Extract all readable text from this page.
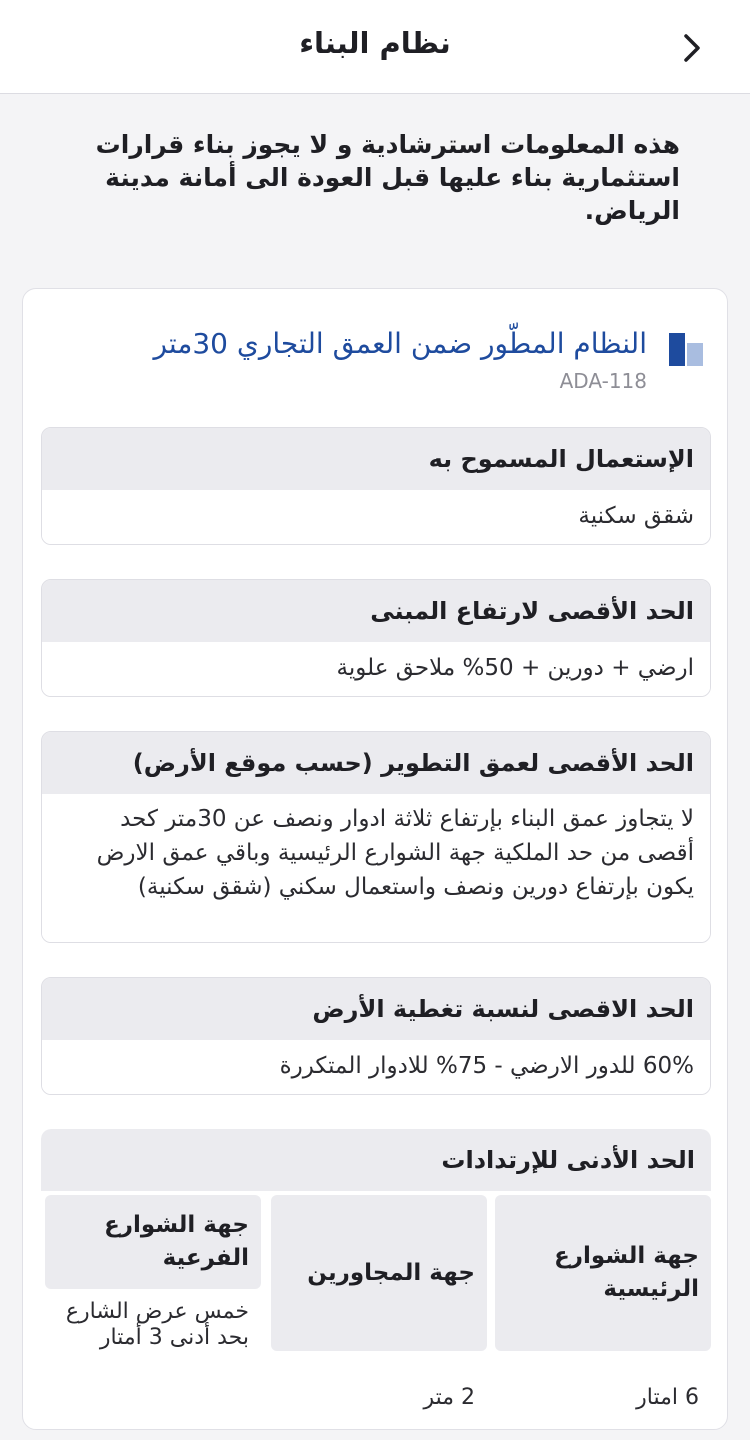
نظام البناء
هذه المعلومات استرشادية و لا يجوز بناء قرارات استثمارية بناء عليها قبل العودة الى أمانة مدينة الرياض.
النظام المطّور ضمن العمق التجاري 30متر
ADA-118
الإستعمال المسموح به
شقق سكنية
الحد الأقصى لارتفاع المبنى
ارضي + دورين + 50% ملاحق علوية
الحد الأقصى لعمق التطوير (حسب موقع الأرض)
لا يتجاوز عمق البناء بإرتفاع ثلاثة ادوار ونصف عن 30متر كحد أقصى من حد الملكية جهة الشوارع الرئيسية وباقي عمق الارض يكون بإرتفاع دورين ونصف واستعمال سكني (شقق سكنية)
الحد الاقصى لنسبة تغطية الأرض
60% للدور الارضي - 75% للادوار المتكررة
الحد الأدنى للإرتدادات
جهة الشوارع الرئيسية
6 امتار
جهة المجاورين
2 متر
جهة الشوارع الفرعية
خمس عرض الشارع بحد أدنى 3 أمتار
